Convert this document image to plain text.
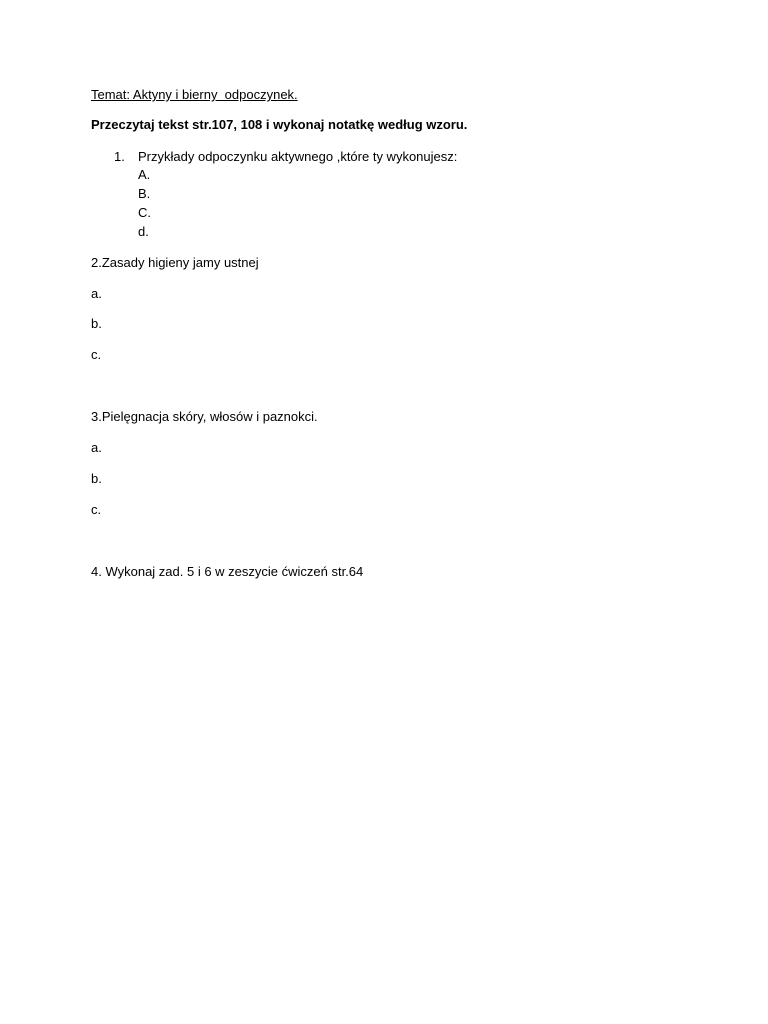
Temat: Aktyny i bierny  odpoczynek.
Przeczytaj tekst str.107, 108 i wykonaj notatkę według wzoru.
1. Przykłady odpoczynku aktywnego ,które ty wykonujesz:
A.
B.
C.
d.
2.Zasady higieny jamy ustnej
a.
b.
c.
3.Pielęgnacja skóry, włosów i paznokci.
a.
b.
c.
4. Wykonaj zad. 5 i 6 w zeszycie ćwiczeń str.64
